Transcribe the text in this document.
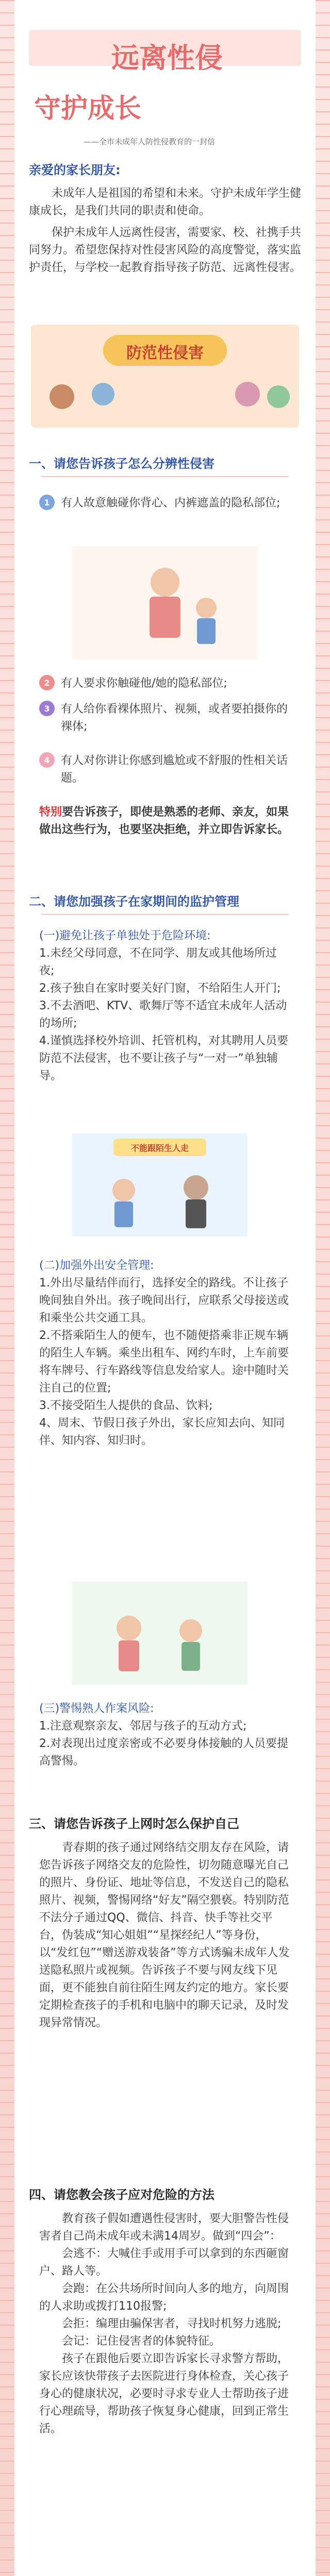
远离性侵
守护成长
——全市未成年人防性侵教育的一封信
亲爱的家长朋友:

未成年人是祖国的希望和未来。守护未成年学生健康成长，是我们共同的职责和使命。

保护未成年人远离性侵害，需要家、校、社携手共同努力。希望您保持对性侵害风险的高度警觉，落实监护责任，与学校一起教育指导孩子防范、远离性侵害。

防范性侵害
一、请您告诉孩子怎么分辨性侵害
1 有人故意触碰你背心、内裤遮盖的隐私部位;
2 有人要求你触碰他/她的隐私部位;
3 有人给你看裸体照片、视频，或者要拍摄你的裸体;
4 有人对你讲让你感到尴尬或不舒服的性相关话题。
特别要告诉孩子，即使是熟悉的老师、亲友，如果做出这些行为，也要坚决拒绝，并立即告诉家长。
二、请您加强孩子在家期间的监护管理
(一)避免让孩子单独处于危险环境:

1.未经父母同意，不在同学、朋友或其他场所过夜;

2.孩子独自在家时要关好门窗，不给陌生人开门;

3.不去酒吧、KTV、歌舞厅等不适宜未成年人活动的场所;

4.谨慎选择校外培训、托管机构，对其聘用人员要防范不法侵害，也不要让孩子与“一对一”单独辅导。

不能跟陌生人走
(二)加强外出安全管理:

1.外出尽量结伴而行，选择安全的路线。不让孩子晚间独自外出。孩子晚间出行，应联系父母接送或和乘坐公共交通工具。

2.不搭乘陌生人的便车，也不随便搭乘非正规车辆的陌生人车辆。乘坐出租车、网约车时，上车前要将车牌号、行车路线等信息发给家人。途中随时关注自己的位置;

3.不接受陌生人提供的食品、饮料;

4、周末、节假日孩子外出，家长应知去向、知同伴、知内容、知归时。

(三)警惕熟人作案风险:

1.注意观察亲友、邻居与孩子的互动方式;

2.对表现出过度亲密或不必要身体接触的人员要提高警惕。

三、请您告诉孩子上网时怎么保护自己

青春期的孩子通过网络结交朋友存在风险，请您告诉孩子网络交友的危险性，切勿随意曝光自己的照片、身份证、地址等信息，不发送自己的隐私照片、视频，警惕网络“好友”隔空猥亵。特别防范不法分子通过QQ、微信、抖音、快手等社交平台，伪装成“知心姐姐”“星探经纪人”等身份，以“发红包”“赠送游戏装备”等方式诱骗未成年人发送隐私照片或视频。告诉孩子不要与网友线下见面，更不能独自前往陌生网友约定的地方。家长要定期检查孩子的手机和电脑中的聊天记录，及时发现异常情况。

四、请您教会孩子应对危险的方法

教育孩子假如遭遇性侵害时，要大胆警告性侵害者自己尚未成年或未满14周岁。做到“四会”：

会逃不：大喊住手或用手可以拿到的东西砸窗户、路人等。

会跑：在公共场所时间向人多的地方，向周围的人求助或拨打110报警;

会拒：编理由骗保害者，寻找时机努力逃脱;

会记：记住侵害者的体貌特征。

孩子在跟他后要立即告诉家长寻求警方帮助，家长应该快带孩子去医院进行身体检查，关心孩子身心的健康状况，必要时寻求专业人士帮助孩子进行心理疏导，帮助孩子恢复身心健康，回到正常生活。
